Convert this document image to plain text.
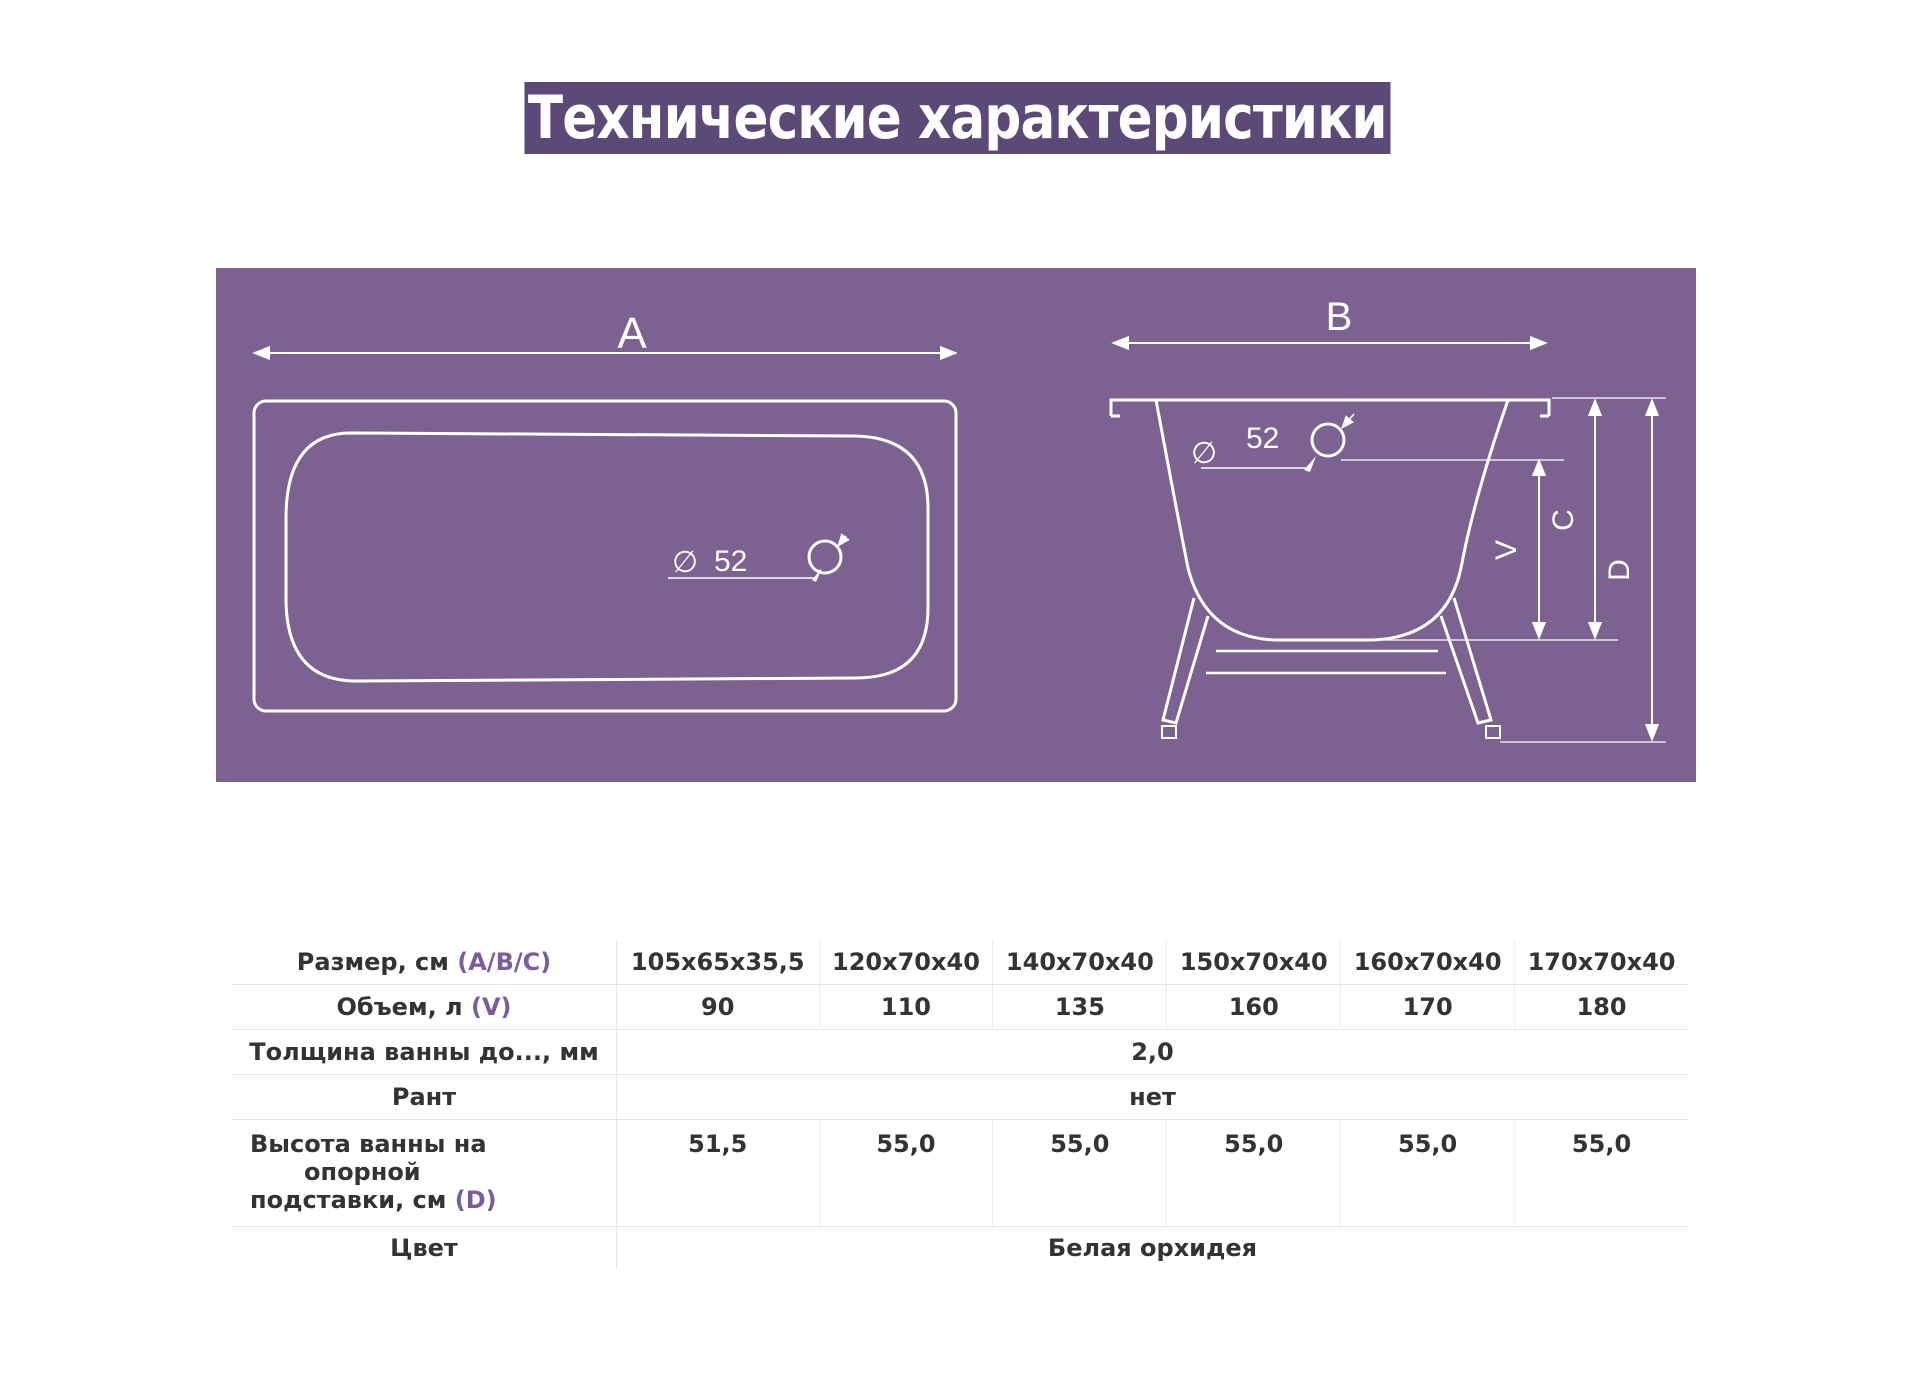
Технические характеристики
A
∅ 52
B
∅ 52
V
C
D
Размер, см (A/B/C)	105x65x35,5	120x70x40	140x70x40	150x70x40	160x70x40	170x70x40
Объем, л (V)	90	110	135	160	170	180
Толщина ванны до..., мм	2,0					
Рант	нет					

Высота ванны на
опорной
подставки, см (D)	51,5	55,0	55,0	55,0	55,0	55,0
Цвет	Белая орхидея					
